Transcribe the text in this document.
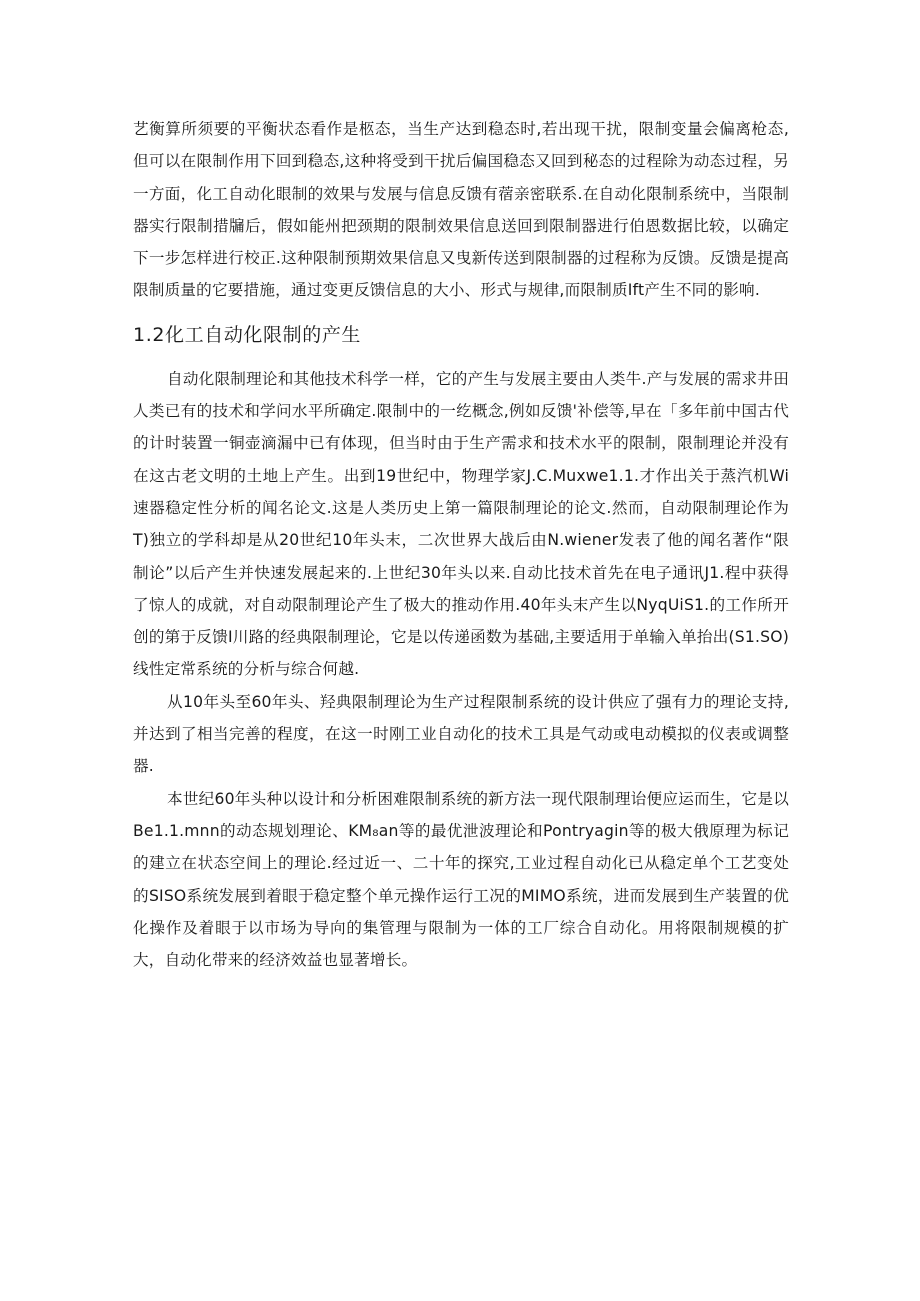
艺衡算所须要的平衡状态看作是柩态，当生产达到稳态时,若出现干扰，限制变量会偏离枪态,但可以在限制作用下回到稳态,这种将受到干扰后偏国稳态又回到秘态的过程除为动态过程，另一方面，化工自动化眼制的效果与发展与信息反馈有蓿亲密联系.在自动化限制系统中，当限制器实行限制措牖后，假如能州把颈期的限制效果信息送回到限制器进行伯恩数据比较，以确定下一步怎样进行校正.这种限制预期效果信息又曳新传送到限制器的过程称为反馈。反馈是提高限制质量的它要措施，通过变更反馈信息的大小、形式与规律,而限制质Ift产生不同的影响.

1.2化工自动化限制的产生

自动化限制理论和其他技术科学一样，它的产生与发展主要由人类牛.产与发展的需求井田人类已有的技术和学问水平所确定.限制中的一纥概念,例如反馈'补偿等,早在「多年前中国古代的计时装置一铜壶滴漏中已有体现，但当时由于生产需求和技术水平的限制，限制理论并没有在这古老文明的土地上产生。出到19世纪中，物理学家J.C.Muxwe1.1.才作出关于蒸汽机Wi速器稳定性分析的闻名论文.这是人类历史上第一篇限制理论的论文.然而，自动限制理论作为T)独立的学科却是从20世纪10年头末，二次世界大战后由N.wiener发表了他的闻名著作“限制论”以后产生并快速发展起来的.上世纪30年头以来.自动比技术首先在电子通讯J1.程中获得了惊人的成就，对自动限制理论产生了极大的推动作用.40年头末产生以NyqUiS1.的工作所开创的第于反馈I川路的经典限制理论，它是以传递函数为基础,主要适用于单输入单抬出(S1.SO)线性定常系统的分析与综合何越.

从10年头至60年头、羟典限制理论为生产过程限制系统的设计供应了强有力的理论支持,并达到了相当完善的程度，在这一时刚工业自动化的技术工具是气动或电动模拟的仪表或调整器.

本世纪60年头种以设计和分析困难限制系统的新方法一现代限制理诒便应运而生，它是以Be1.1.mnn的动态规划理论、KM₈an等的最优泄波理论和Pontryagin等的极大俄原理为标记的建立在状态空间上的理论.经过近一、二十年的探究,工业过程自动化已从稳定单个工艺变处的SISO系统发展到着眼于稳定整个单元操作运行工况的MIMO系统，进而发展到生产装置的优化操作及着眼于以市场为导向的集管理与限制为一体的工厂综合自动化。用将限制规模的扩大，自动化带来的经济效益也显著增长。
